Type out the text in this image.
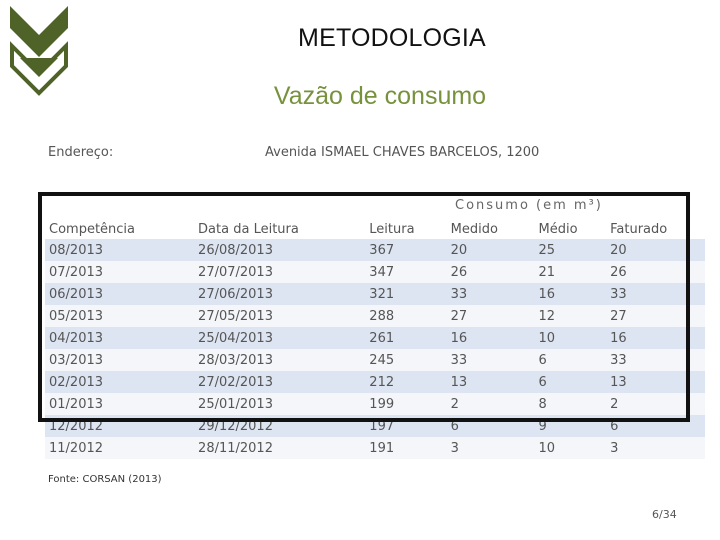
METODOLOGIA
Vazão de consumo
Endereço:	Avenida ISMAEL CHAVES BARCELOS, 1200
Consumo (em m³)
Competência	Data da Leitura	Leitura	Medido	Médio	Faturado
08/2013	26/08/2013	367	20	25	20
07/2013	27/07/2013	347	26	21	26
06/2013	27/06/2013	321	33	16	33
05/2013	27/05/2013	288	27	12	27
04/2013	25/04/2013	261	16	10	16
03/2013	28/03/2013	245	33	6	33
02/2013	27/02/2013	212	13	6	13
01/2013	25/01/2013	199	2	8	2
12/2012	29/12/2012	197	6	9	6
11/2012	28/11/2012	191	3	10	3
Fonte: CORSAN (2013)
6/34
